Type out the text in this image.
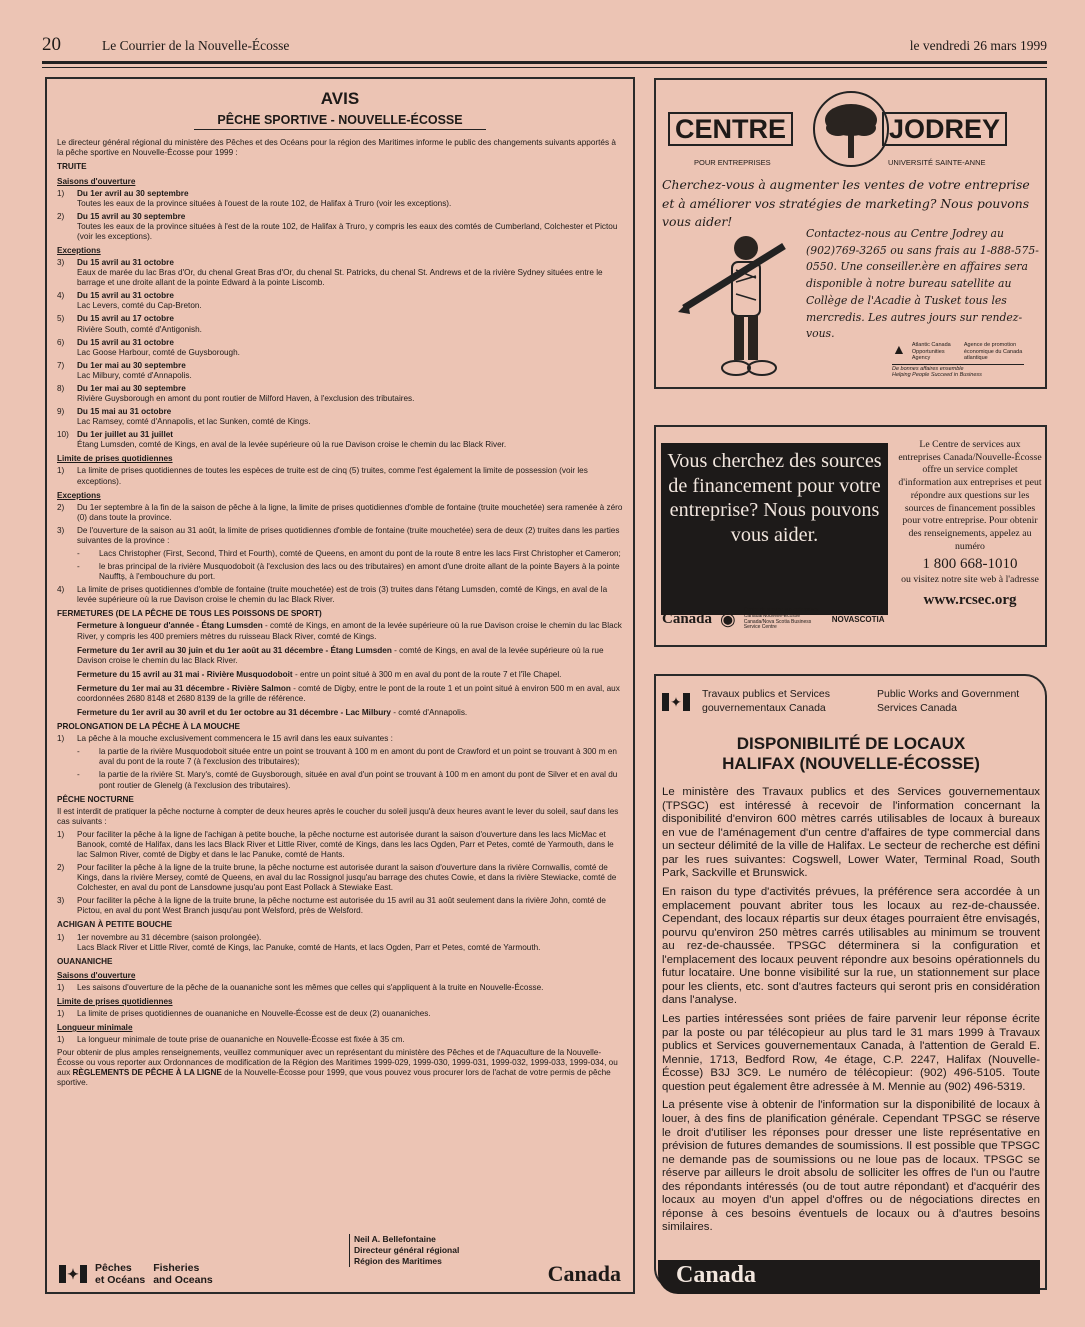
20	Le Courrier de la Nouvelle-Écosse	le vendredi 26 mars 1999
AVIS
PÊCHE SPORTIVE - NOUVELLE-ÉCOSSE

Le directeur général régional du ministère des Pêches et des Océans pour la région des Maritimes informe le public des changements suivants apportés à la pêche sportive en Nouvelle-Écosse pour 1999 :

TRUITE
Saisons d'ouverture
1)	Du 1er avril au 30 septembre
Toutes les eaux de la province situées à l'ouest de la route 102, de Halifax à Truro (voir les exceptions).
2)	Du 15 avril au 30 septembre
Toutes les eaux de la province situées à l'est de la route 102, de Halifax à Truro, y compris les eaux des comtés de Cumberland, Colchester et Pictou (voir les exceptions).
Exceptions
3)	Du 15 avril au 31 octobre
Eaux de marée du lac Bras d'Or, du chenal Great Bras d'Or, du chenal St. Patricks, du chenal St. Andrews et de la rivière Sydney situées entre le barrage et une droite allant de la pointe Edward à la pointe Liscomb.
4)	Du 15 avril au 31 octobre
Lac Levers, comté du Cap-Breton.
5)	Du 15 avril au 17 octobre
Rivière South, comté d'Antigonish.
6)	Du 15 avril au 31 octobre
Lac Goose Harbour, comté de Guysborough.
7)	Du 1er mai au 30 septembre
Lac Milbury, comté d'Annapolis.
8)	Du 1er mai au 30 septembre
Rivière Guysborough en amont du pont routier de Milford Haven, à l'exclusion des tributaires.
9)	Du 15 mai au 31 octobre
Lac Ramsey, comté d'Annapolis, et lac Sunken, comté de Kings.
10) Du 1er juillet au 31 juillet
Étang Lumsden, comté de Kings, en aval de la levée supérieure où la rue Davison croise le chemin du lac Black River.
Limite de prises quotidiennes
1)	La limite de prises quotidiennes de toutes les espèces de truite est de cinq (5) truites, comme l'est également la limite de possession (voir les exceptions).
Exceptions
2)	Du 1er septembre à la fin de la saison de pêche à la ligne, la limite de prises quotidiennes d'omble de fontaine (truite mouchetée) sera ramenée à zéro (0) dans toute la province.
3)	De l'ouverture de la saison au 31 août, la limite de prises quotidiennes d'omble de fontaine (truite mouchetée) sera de deux (2) truites dans les parties suivantes de la province :
-	Lacs Christopher (First, Second, Third et Fourth), comté de Queens, en amont du pont de la route 8 entre les lacs First Christopher et Cameron;
-	le bras principal de la rivière Musquodoboit (à l'exclusion des lacs ou des tributaires) en amont d'une droite allant de la pointe Bayers à la pointe Naufftș, à l'embouchure du port.
4)	La limite de prises quotidiennes d'omble de fontaine (truite mouchetée) est de trois (3) truites dans l'étang Lumsden, comté de Kings, en aval de la levée supérieure où la rue Davison croise le chemin du lac Black River.
FERMETURES (DE LA PÊCHE DE TOUS LES POISSONS DE SPORT)
Fermeture à longueur d'année - Étang Lumsden - comté de Kings, en amont de la levée supérieure où la rue Davison croise le chemin du lac Black River, y compris les 400 premiers mètres du ruisseau Black River, comté de Kings.
Fermeture du 1er avril au 30 juin et du 1er août au 31 décembre - Étang Lumsden - comté de Kings, en aval de la levée supérieure où la rue Davison croise le chemin du lac Black River.
Fermeture du 15 avril au 31 mai - Rivière Musquodoboit - entre un point situé à 300 m en aval du pont de la route 7 et l'île Chapel.
Fermeture du 1er mai au 31 décembre - Rivière Salmon - comté de Digby, entre le pont de la route 1 et un point situé à environ 500 m en aval, aux coordonnées 2680 8148 et 2680 8139 de la grille de référence.
Fermeture du 1er avril au 30 avril et du 1er octobre au 31 décembre - Lac Milbury - comté d'Annapolis.
PROLONGATION DE LA PÊCHE À LA MOUCHE
1)	La pêche à la mouche exclusivement commencera le 15 avril dans les eaux suivantes :
-	la partie de la rivière Musquodoboit située entre un point se trouvant à 100 m en amont du pont de Crawford et un point se trouvant à 300 m en aval du pont de la route 7 (à l'exclusion des tributaires);
-	la partie de la rivière St. Mary's, comté de Guysborough, située en aval d'un point se trouvant à 100 m en amont du pont de Silver et en aval du pont routier de Glenelg (à l'exclusion des tributaires).
PÊCHE NOCTURNE

Il est interdit de pratiquer la pêche nocturne à compter de deux heures après le coucher du soleil jusqu'à deux heures avant le lever du soleil, sauf dans les cas suivants :

1)	Pour faciliter la pêche à la ligne de l'achigan à petite bouche, la pêche nocturne est autorisée durant la saison d'ouverture dans les lacs MicMac et Banook, comté de Halifax, dans les lacs Black River et Little River, comté de Kings, dans les lacs Ogden, Parr et Petes, comté de Yarmouth, dans le lac Salmon River, comté de Digby et dans le lac Panuke, comté de Hants.
2)	Pour faciliter la pêche à la ligne de la truite brune, la pêche nocturne est autorisée durant la saison d'ouverture dans la rivière Cornwallis, comté de Kings, dans la rivière Mersey, comté de Queens, en aval du lac Rossignol jusqu'au barrage des chutes Cowie, et dans la rivière Stewiacke, comté de Colchester, en aval du pont de Lansdowne jusqu'au pont East Pollack à Stewiake East.
3)	Pour faciliter la pêche à la ligne de la truite brune, la pêche nocturne est autorisée du 15 avril au 31 août seulement dans la rivière John, comté de Pictou, en aval du pont West Branch jusqu'au pont Welsford, près de Welsford.
ACHIGAN À PETITE BOUCHE
1)	1er novembre au 31 décembre (saison prolongée).
Lacs Black River et Little River, comté de Kings, lac Panuke, comté de Hants, et lacs Ogden, Parr et Petes, comté de Yarmouth.
OUANANICHE
Saisons d'ouverture
1)	Les saisons d'ouverture de la pêche de la ouananiche sont les mêmes que celles qui s'appliquent à la truite en Nouvelle-Écosse.
Limite de prises quotidiennes
1)	La limite de prises quotidiennes de ouananiche en Nouvelle-Écosse est de deux (2) ouananiches.
Longueur minimale
1)	La longueur minimale de toute prise de ouananiche en Nouvelle-Écosse est fixée à 35 cm.

Pour obtenir de plus amples renseignements, veuillez communiquer avec un représentant du ministère des Pêches et de l'Aquaculture de la Nouvelle-Écosse ou vous reporter aux Ordonnances de modification de la Région des Maritimes 1999-029, 1999-030, 1999-031, 1999-032, 1999-033, 1999-034, ou aux RÈGLEMENTS DE PÊCHE À LA LIGNE de la Nouvelle-Écosse pour 1999, que vous pouvez vous procurer lors de l'achat de votre permis de pêche sportive.

Neil A. Bellefontaine
Directeur général régional
Région des Maritimes
✦ Pêches
et Océans
Fisheries
and Oceans	Canada
CENTRE	JODREY
POUR ENTREPRISES	UNIVERSITÉ SAINTE-ANNE
Cherchez-vous à augmenter les ventes de votre entreprise et à améliorer vos stratégies de marketing? Nous pouvons vous aider!
Contactez-nous au Centre Jodrey au (902)769-3265 ou sans frais au 1-888-575-0550. Une conseiller.ère en affaires sera disponible à notre bureau satellite au Collège de l'Acadie à Tusket tous les mercredis. Les autres jours sur rendez-vous.
▲ Atlantic Canada Opportunities Agency
Agence de promotion économique du Canada atlantique
De bonnes affaires ensemble
Helping People Succeed in Business
Vous cherchez des sources de financement pour votre entreprise? Nous pouvons vous aider.
Le Centre de services aux entreprises Canada/Nouvelle-Écosse offre un service complet d'information aux entreprises et peut répondre aux questions sur les sources de financement possibles pour votre entreprise. Pour obtenir des renseignements, appelez au numéro
1 800 668-1010
ou visitez notre site web à l'adresse
www.rcsec.org
Canada ◉ Centre de service aux entreprises Canada/Nouvelle-Écosse
Canada/Nova Scotia Business Service Centre
NOVASCOTIA
✦ Travaux publics et Services gouvernementaux Canada
Public Works and Government Services Canada
DISPONIBILITÉ DE LOCAUX
HALIFAX (NOUVELLE-ÉCOSSE)

Le ministère des Travaux publics et des Services gouvernementaux (TPSGC) est intéressé à recevoir de l'information concernant la disponibilité d'environ 600 mètres carrés utilisables de locaux à bureaux en vue de l'aménagement d'un centre d'affaires de type commercial dans un secteur délimité de la ville de Halifax. Le secteur de recherche est défini par les rues suivantes: Cogswell, Lower Water, Terminal Road, South Park, Sackville et Brunswick.

En raison du type d'activités prévues, la préférence sera accordée à un emplacement pouvant abriter tous les locaux au rez-de-chaussée. Cependant, des locaux répartis sur deux étages pourraient être envisagés, pourvu qu'environ 250 mètres carrés utilisables au minimum se trouvent au rez-de-chaussée. TPSGC déterminera si la configuration et l'emplacement des locaux peuvent répondre aux besoins opérationnels du futur locataire. Une bonne visibilité sur la rue, un stationnement sur place pour les clients, etc. sont d'autres facteurs qui seront pris en considération dans l'analyse.

Les parties intéressées sont priées de faire parvenir leur réponse écrite par la poste ou par télécopieur au plus tard le 31 mars 1999 à Travaux publics et Services gouvernementaux Canada, à l'attention de Gerald E. Mennie, 1713, Bedford Row, 4e étage, C.P. 2247, Halifax (Nouvelle-Écosse) B3J 3C9. Le numéro de télécopieur: (902) 496-5105. Toute question peut également être adressée à M. Mennie au (902) 496-5319.

La présente vise à obtenir de l'information sur la disponibilité de locaux à louer, à des fins de planification générale. Cependant TPSGC se réserve le droit d'utiliser les réponses pour dresser une liste représentative en prévision de futures demandes de soumissions. Il est possible que TPSGC ne demande pas de soumissions ou ne loue pas de locaux. TPSGC se réserve par ailleurs le droit absolu de solliciter les offres de l'un ou l'autre des répondants intéressés (ou de tout autre répondant) et d'acquérir des locaux au moyen d'un appel d'offres ou de négociations directes en réponse à ces besoins éventuels de locaux ou à d'autres besoins similaires.

Canada
